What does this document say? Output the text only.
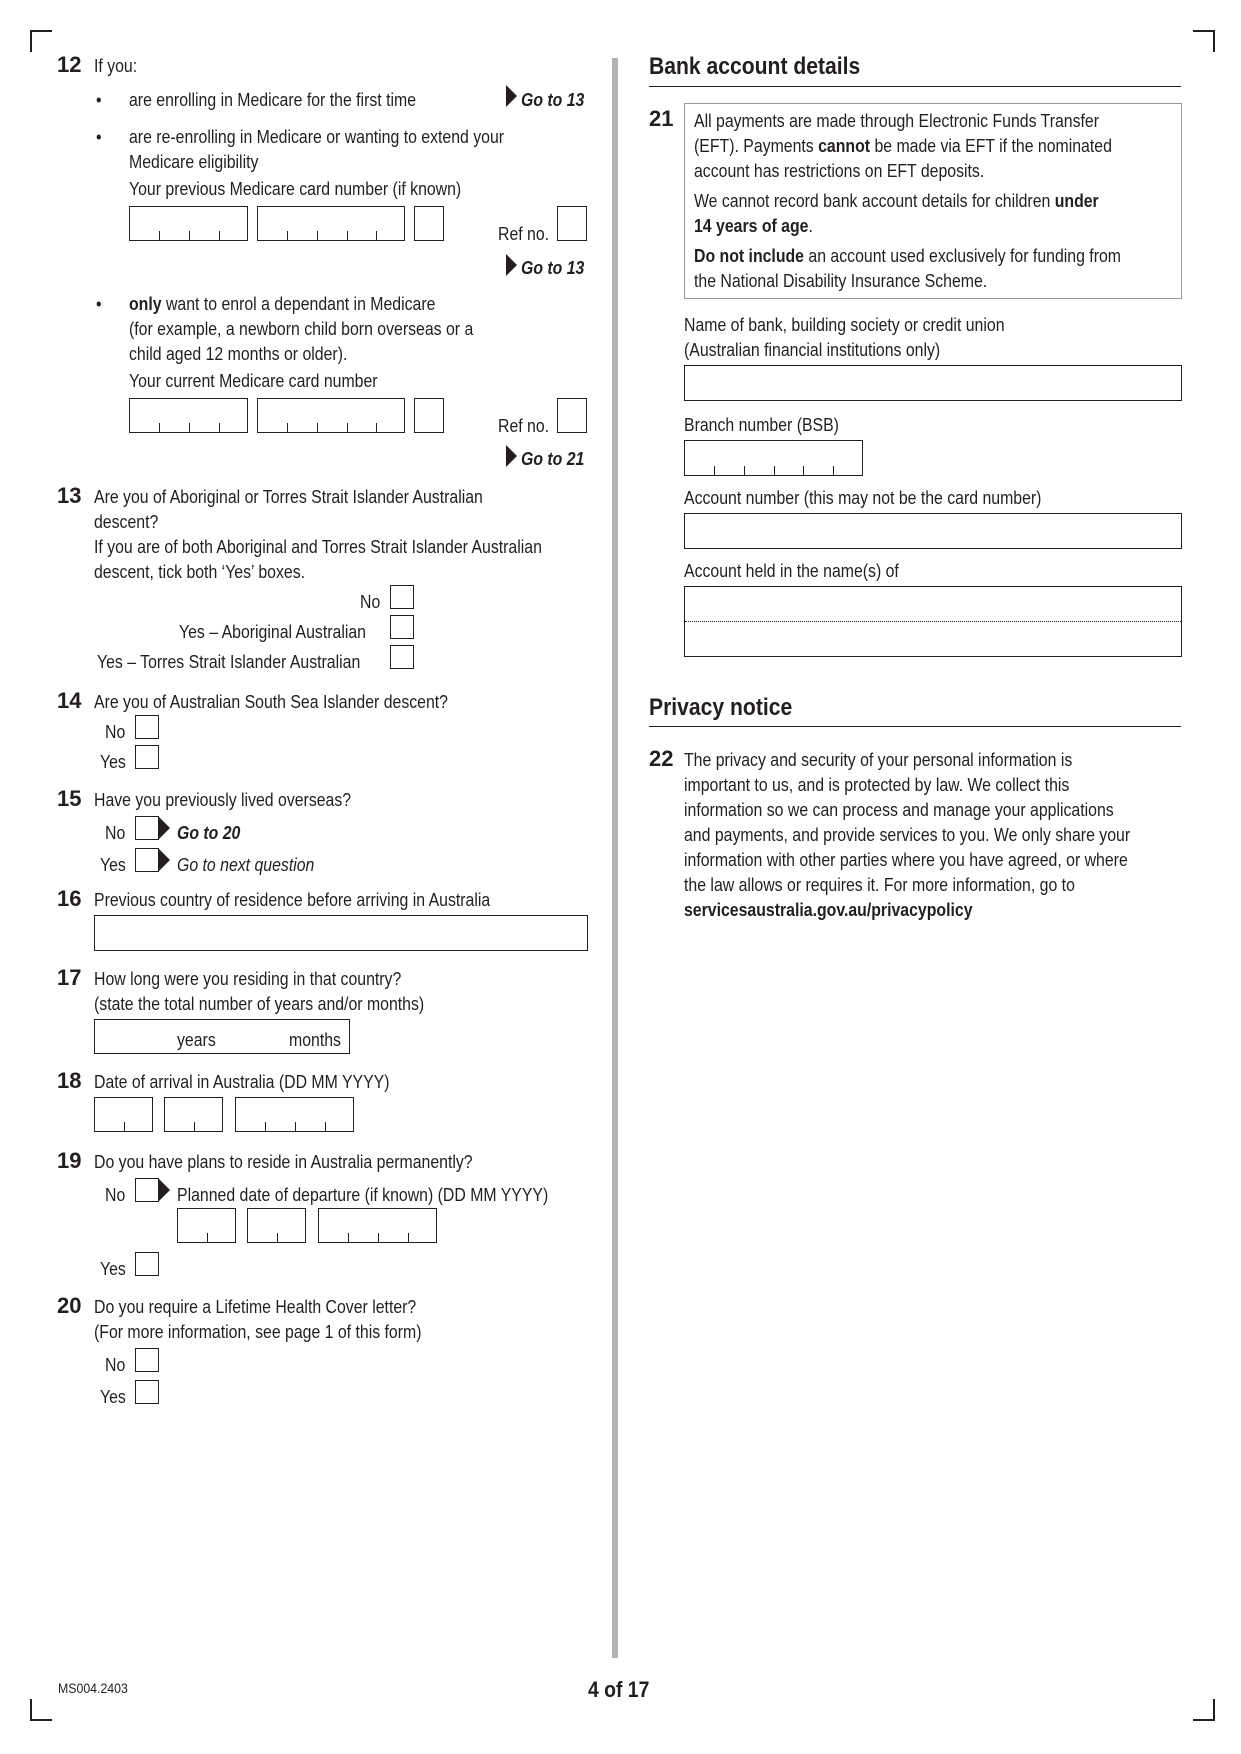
12 If you:
• are enrolling in Medicare for the first time	Go to 13
• are re-enrolling in Medicare or wanting to extend your
Medicare eligibility
Your previous Medicare card number (if known)
Ref no.
Go to 13
• only want to enrol a dependant in Medicare
(for example, a newborn child born overseas or a
child aged 12 months or older).
Your current Medicare card number
Ref no.
Go to 21
13 Are you of Aboriginal or Torres Strait Islander Australian
descent?
If you are of both Aboriginal and Torres Strait Islander Australian
descent, tick both ‘Yes’ boxes.
No
Yes – Aboriginal Australian
Yes – Torres Strait Islander Australian
14 Are you of Australian South Sea Islander descent?
No
Yes
15 Have you previously lived overseas?
No	Go to 20
Yes	Go to next question
16 Previous country of residence before arriving in Australia
17 How long were you residing in that country?
(state the total number of years and/or months)
years	months
18 Date of arrival in Australia (DD MM YYYY)
19 Do you have plans to reside in Australia permanently?
No	Planned date of departure (if known) (DD MM YYYY)
Yes
20 Do you require a Lifetime Health Cover letter?
(For more information, see page 1 of this form)
No
Yes
Bank account details
21 All payments are made through Electronic Funds Transfer
(EFT). Payments cannot be made via EFT if the nominated
account has restrictions on EFT deposits.
We cannot record bank account details for children under
14 years of age.
Do not include an account used exclusively for funding from
the National Disability Insurance Scheme.
Name of bank, building society or credit union
(Australian financial institutions only)
Branch number (BSB)
Account number (this may not be the card number)
Account held in the name(s) of
Privacy notice
22 The privacy and security of your personal information is
important to us, and is protected by law. We collect this
information so we can process and manage your applications
and payments, and provide services to you. We only share your
information with other parties where you have agreed, or where
the law allows or requires it. For more information, go to
servicesaustralia.gov.au/privacypolicy
MS004.2403	4 of 17
